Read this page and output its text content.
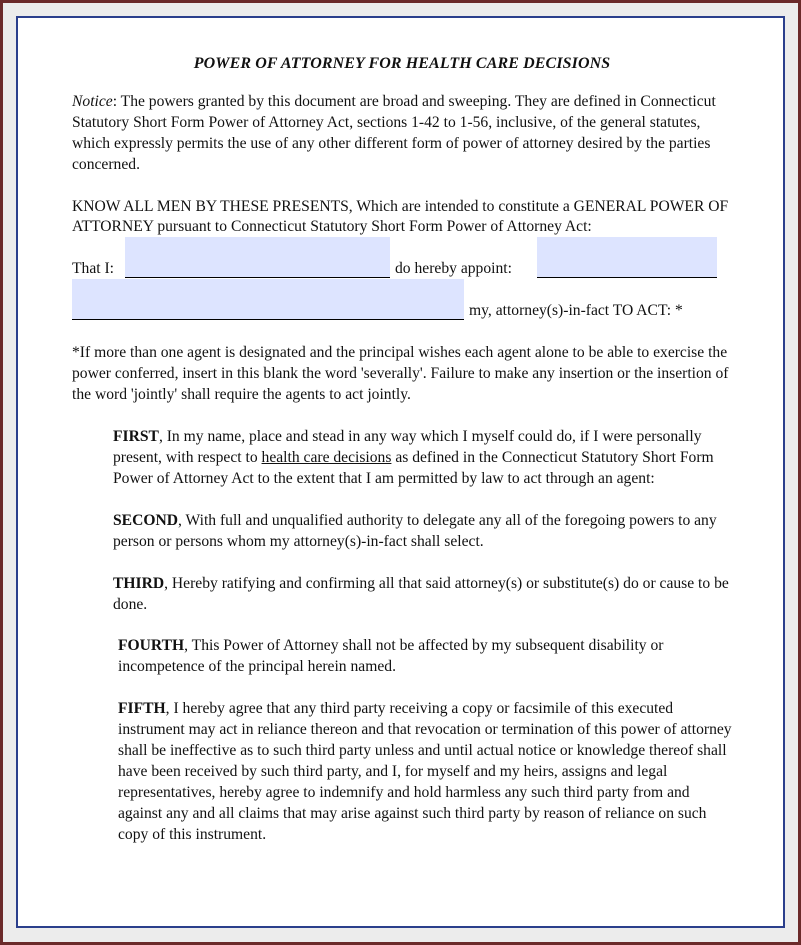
POWER OF ATTORNEY FOR HEALTH CARE DECISIONS

Notice: The powers granted by this document are broad and sweeping. They are defined in Connecticut Statutory Short Form Power of Attorney Act, sections 1-42 to 1-56, inclusive, of the general statutes, which expressly permits the use of any other different form of power of attorney desired by the parties concerned.

KNOW ALL MEN BY THESE PRESENTS, Which are intended to constitute a GENERAL POWER OF ATTORNEY pursuant to Connecticut Statutory Short Form Power of Attorney Act:

That I:	do hereby appoint:
my, attorney(s)-in-fact TO ACT: *

*If more than one agent is designated and the principal wishes each agent alone to be able to exercise the power conferred, insert in this blank the word 'severally'. Failure to make any insertion or the insertion of the word 'jointly' shall require the agents to act jointly.

FIRST, In my name, place and stead in any way which I myself could do, if I were personally present, with respect to health care decisions as defined in the Connecticut Statutory Short Form Power of Attorney Act to the extent that I am permitted by law to act through an agent:

SECOND, With full and unqualified authority to delegate any all of the foregoing powers to any person or persons whom my attorney(s)-in-fact shall select.

THIRD, Hereby ratifying and confirming all that said attorney(s) or substitute(s) do or cause to be done.

FOURTH, This Power of Attorney shall not be affected by my subsequent disability or incompetence of the principal herein named.

FIFTH, I hereby agree that any third party receiving a copy or facsimile of this executed instrument may act in reliance thereon and that revocation or termination of this power of attorney shall be ineffective as to such third party unless and until actual notice or knowledge thereof shall have been received by such third party, and I, for myself and my heirs, assigns and legal representatives, hereby agree to indemnify and hold harmless any such third party from and against any and all claims that may arise against such third party by reason of reliance on such copy of this instrument.
